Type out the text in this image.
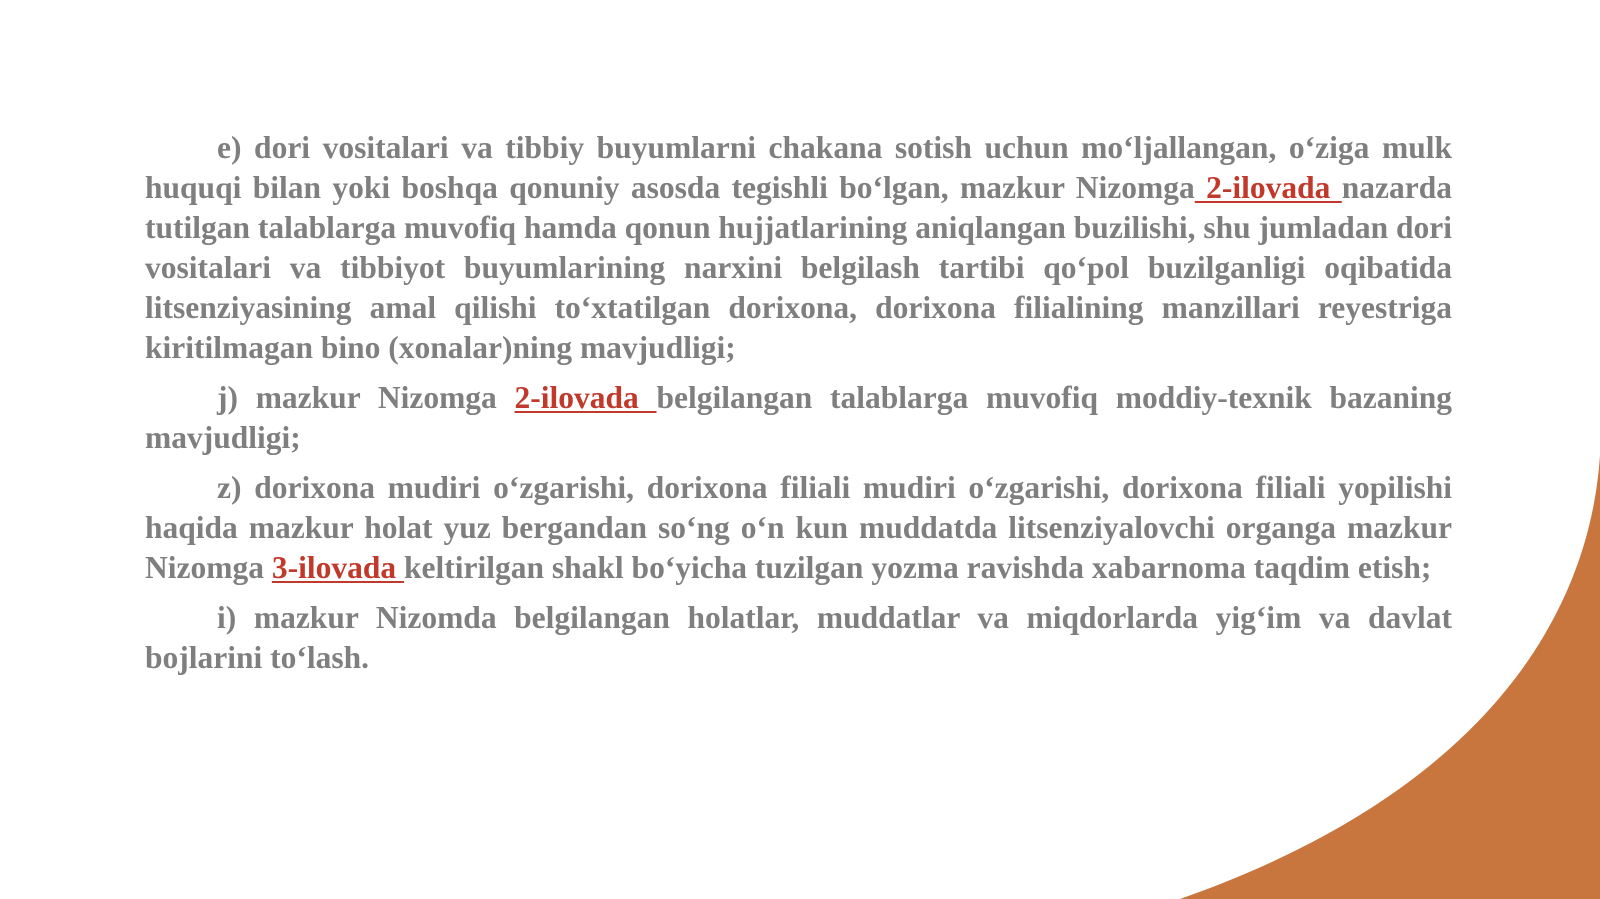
e) dori vositalari va tibbiy buyumlarni chakana sotish uchun mo‘ljallangan, o‘ziga mulk huquqi bilan yoki boshqa qonuniy asosda tegishli bo‘lgan, mazkur Nizomga 2-ilovada nazarda tutilgan talablarga muvofiq hamda qonun hujjatlarining aniqlangan buzilishi, shu jumladan dori vositalari va tibbiyot buyumlarining narxini belgilash tartibi qo‘pol buzilganligi oqibatida litsenziyasining amal qilishi to‘xtatilgan dorixona, dorixona filialining manzillari reyestriga kiritilmagan bino (xonalar)ning mavjudligi;

j) mazkur Nizomga 2-ilovada belgilangan talablarga muvofiq moddiy-texnik bazaning mavjudligi;

z) dorixona mudiri o‘zgarishi, dorixona filiali mudiri o‘zgarishi, dorixona filiali yopilishi haqida mazkur holat yuz bergandan so‘ng o‘n kun muddatda litsenziyalovchi organga mazkur Nizomga 3-ilovada keltirilgan shakl bo‘yicha tuzilgan yozma ravishda xabarnoma taqdim etish;

i) mazkur Nizomda belgilangan holatlar, muddatlar va miqdorlarda yig‘im va davlat bojlarini to‘lash.
